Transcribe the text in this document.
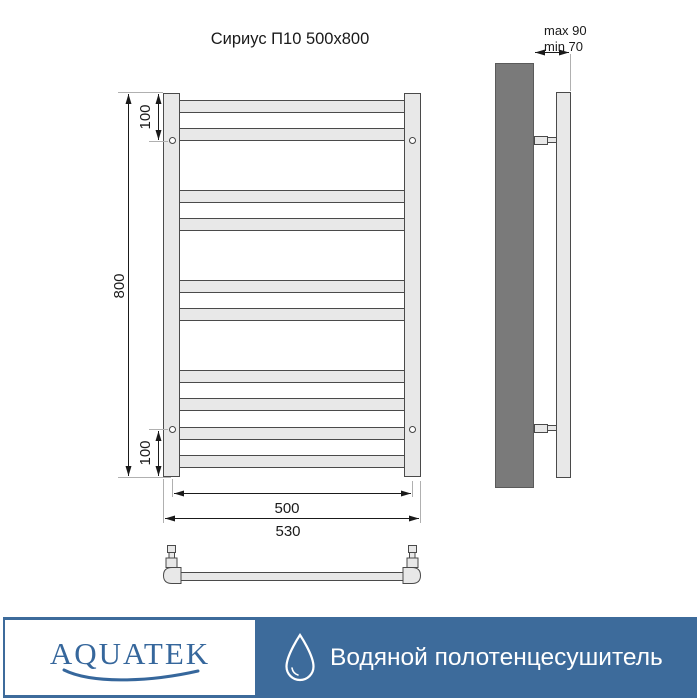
Сириус П10 500x800
800
100
100
500
530
max 90
min 70
AQUATEK	Водяной полотенцесушитель
